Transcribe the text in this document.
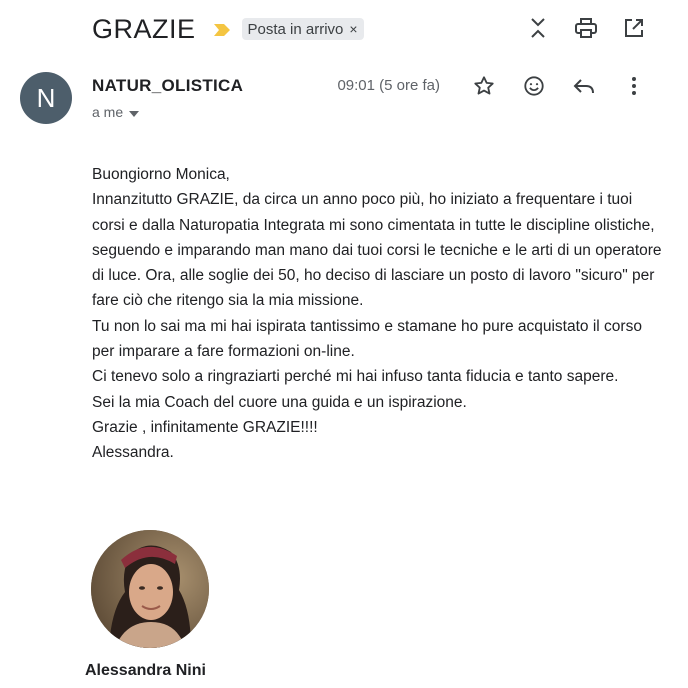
GRAZIE	Posta in arrivo ×
N	NATUR_OLISTICA
a me
09:01 (5 ore fa)

Buongiorno Monica,

Innanzitutto GRAZIE, da circa un anno poco più, ho iniziato a frequentare i tuoi corsi e dalla Naturopatia Integrata mi sono cimentata in tutte le discipline olistiche, seguendo e imparando man mano dai tuoi corsi le tecniche e le arti di un operatore di luce. Ora, alle soglie dei 50, ho deciso di lasciare un posto di lavoro "sicuro" per fare ciò che ritengo sia la mia missione.

Tu non lo sai ma mi hai ispirata tantissimo e stamane ho pure acquistato il corso per imparare a fare formazioni on-line.

Ci tenevo solo a ringraziarti perché mi hai infuso tanta fiducia e tanto sapere.

Sei la mia Coach del cuore una guida e un ispirazione.

Grazie , infinitamente GRAZIE!!!!

Alessandra.

Alessandra Nini
